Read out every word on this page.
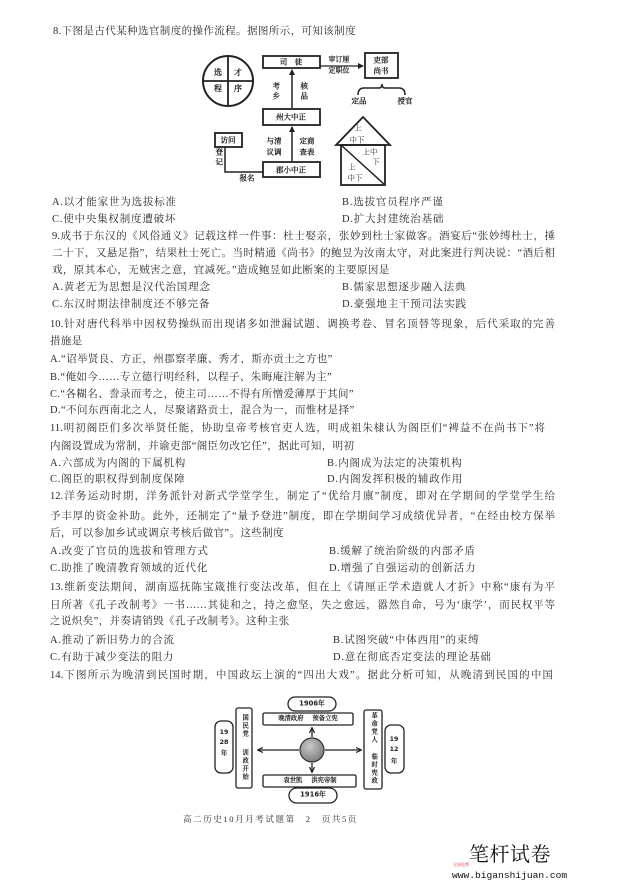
8.下图是古代某种选官制度的操作流程。据图所示，可知该制度
选 才
程 序
司　徒	审订厘
定职位
吏部
尚书
定品	授官
考乡	核品
州大中正
与清
议调
定商
查表
访问
登记
报名
郡小中正
上
中下
上中
下
上
中下
A.以才能家世为选拔标准	B.选拔官员程序严谨
C.使中央集权制度遭破坏	D.扩大封建统治基础
9.成书于东汉的《风俗通义》记载这样一件事：杜士娶亲，张妙到杜士家做客。酒宴后“张妙缚杜士，捶
二十下，又悬足指”，结果杜士死亡。当时精通《尚书》的鲍昱为汝南太守，对此案进行判决说：“酒后相
戏，原其本心，无贼害之意，宜减死。”造成鲍昱如此断案的主要原因是
A.黄老无为思想是汉代治国理念	B.儒家思想逐步融入法典
C.东汉时期法律制度还不够完备	D.豪强地主干预司法实践
10.针对唐代科举中因权势操纵而出现诸多如泄漏试题、调换考卷、冒名顶替等现象，后代采取的完善
措施是
A.“诏举贤良、方正，州郡察孝廉、秀才，斯亦贡士之方也”
B.“俺如今……专立德行明经科，以程子、朱晦庵注解为主”
C.“各糊名、誊录而考之，使主司……不得有所憎爱薄厚于其间”
D.“不问东西南北之人，尽聚诸路贡士，混合为一，而惟材是择”
11.明初阁臣们多次举贤任能，协助皇帝考核官吏人选，明成祖朱棣认为阁臣们“裨益不在尚书下”将
内阁设置成为常制，并谕吏部“阁臣勿改它任”，据此可知，明初
A.六部成为内阁的下属机构	B.内阁成为法定的决策机构
C.阁臣的职权得到制度保障	D.内阁发挥积极的辅政作用
12.洋务运动时期，洋务派针对新式学堂学生，制定了“优给月廪”制度，即对在学期间的学堂学生给
予丰厚的资金补助。此外，还制定了“量予登进”制度，即在学期间学习成绩优异者，“在经由校方保举
后，可以参加乡试或调京考核后做官”。这些制度
A.改变了官员的选拔和管理方式	B.缓解了统治阶级的内部矛盾
C.助推了晚清教育领域的近代化	D.增强了自强运动的创新活力
13.维新变法期间，湖南巡抚陈宝箴推行变法改革，但在上《请厘正学术造就人才折》中称“康有为平
日所著《孔子改制考》一书……其徒和之，持之愈坚，失之愈远，嚣然自命，号为‘康学’，而民权平等
之说炽矣”，并奏请销毁《孔子改制考》。这种主张
A.推动了新旧势力的合流	B.试图突破“中体西用”的束缚
C.有助于减少变法的阻力	D.意在彻底否定变法的理论基础
14.下图所示为晚清到民国时期，中国政坛上演的“四出大戏”。据此分析可知，从晚清到民国的中国
1906年
晚清政府 预备立宪
国民党
训政开始
19
28
年
革命党人
临时宪政
19
12
年
袁世凯 洪宪帝制
1916年
高二历史10月月考试题第　2　页共5页
笔杆试卷
全国免费
www.biganshijuan.com
